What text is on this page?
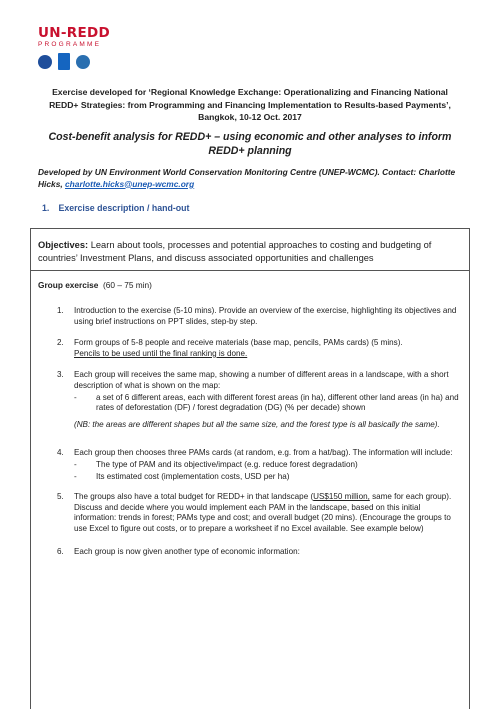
UN-REDD
PROGRAMME
Exercise developed for ‘Regional Knowledge Exchange: Operationalizing and Financing National REDD+ Strategies: from Programming and Financing Implementation to Results-based Payments’, Bangkok, 10-12 Oct. 2017
Cost-benefit analysis for REDD+ – using economic and other analyses to inform REDD+ planning
Developed by UN Environment World Conservation Monitoring Centre (UNEP-WCMC). Contact: Charlotte Hicks, charlotte.hicks@unep-wcmc.org
1. Exercise description / hand-out
Objectives: Learn about tools, processes and potential approaches to costing and budgeting of countries’ Investment Plans, and discuss associated opportunities and challenges
Group exercise (60 – 75 min)
1. Introduction to the exercise (5-10 mins). Provide an overview of the exercise, highlighting its objectives and using brief instructions on PPT slides, step-by step.
2. Form groups of 5-8 people and receive materials (base map, pencils, PAMs cards) (5 mins).
Pencils to be used until the final ranking is done.
3. Each group will receives the same map, showing a number of different areas in a landscape, with a short description of what is shown on the map:
- a set of 6 different areas, each with different forest areas (in ha), different other land areas (in ha) and rates of deforestation (DF) / forest degradation (DG) (% per decade) shown
(NB: the areas are different shapes but all the same size, and the forest type is all basically the same).
4. Each group then chooses three PAMs cards (at random, e.g. from a hat/bag). The information will include:
- The type of PAM and its objective/impact (e.g. reduce forest degradation)
- Its estimated cost (implementation costs, USD per ha)
5. The groups also have a total budget for REDD+ in that landscape (US$150 million, same for each group). Discuss and decide where you would implement each PAM in the landscape, based on this initial information: trends in forest; PAMs type and cost; and overall budget (20 mins). (Encourage the groups to use Excel to figure out costs, or to prepare a worksheet if no Excel available. See example below)
6. Each group is now given another type of economic information:
